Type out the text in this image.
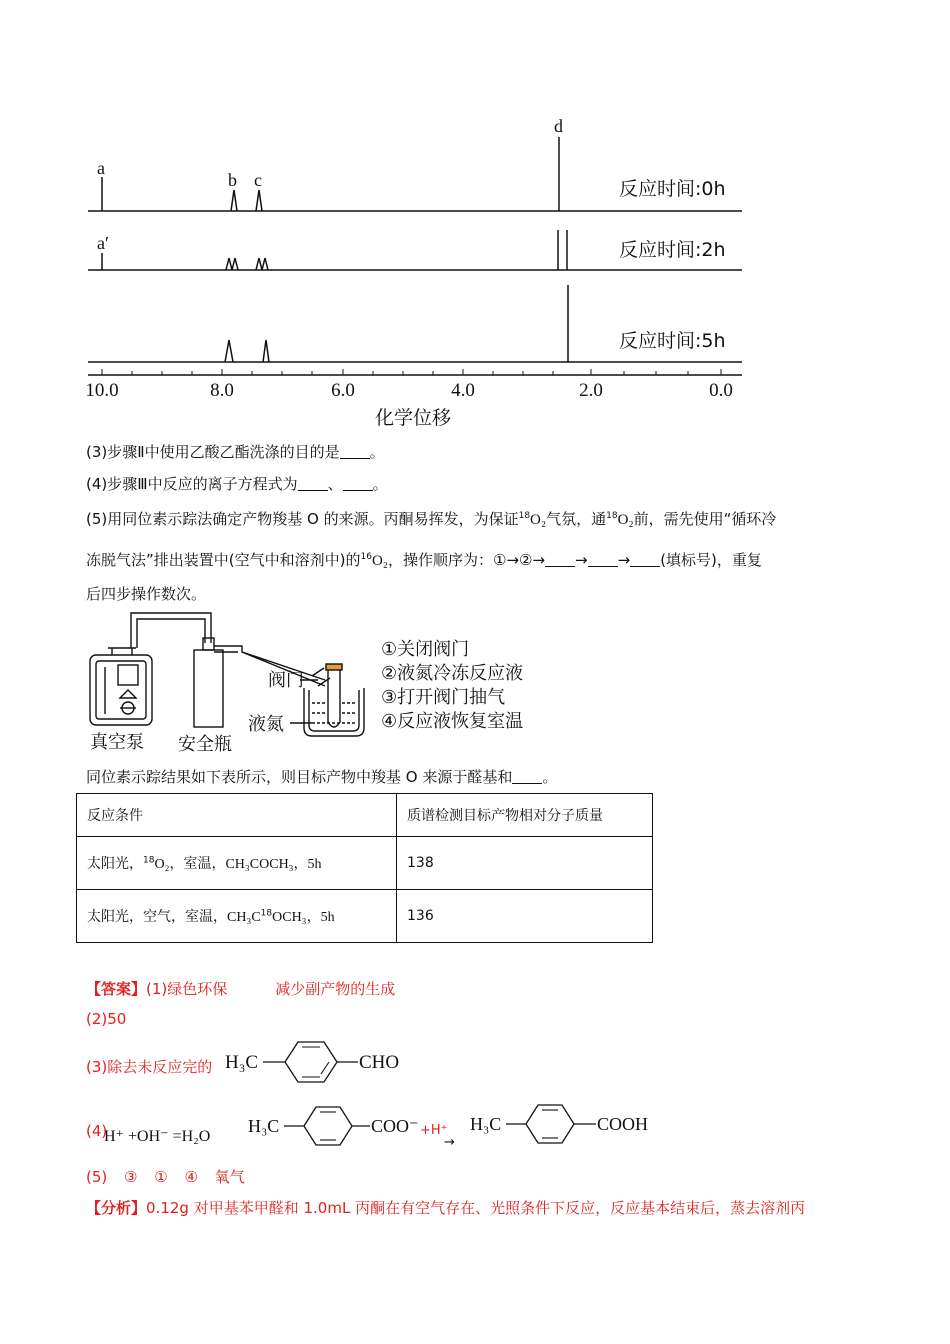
a
b c
d
a′
反应时间:0h
反应时间:2h
反应时间:5h
10.0	8.0	6.0	4.0	2.0	0.0
化学位移
(3)步骤Ⅱ中使用乙酸乙酯洗涤的目的是 。
(4)步骤Ⅲ中反应的离子方程式为 、 。
(5)用同位素示踪法确定产物羧基 O 的来源。丙酮易挥发，为保证$^{18}$O₂气氛，通$^{18}$O₂前，需先使用“循环冷
冻脱气法”排出装置中(空气中和溶剂中)的$^{16}$O₂，操作顺序为：①→②→ → → (填标号)，重复
后四步操作数次。
真空泵 安全瓶
阀门
液氮
①关闭阀门
②液氮冷冻反应液
③打开阀门抽气
④反应液恢复室温
同位素示踪结果如下表所示，则目标产物中羧基 O 来源于醛基和 。
反应条件	质谱检测目标产物相对分子质量
太阳光，$^{18}$O₂，室温，CH₃COCH₃，5h	138
太阳光，空气，室温，$CH_3C^{18}OCH_3$，5h	136
【答案】(1)绿色环保	减少副产物的生成
(2)50
(3)除去未反应完的 H₃C	CHO
(4)
H⁺ +OH⁻ =H₂O
H₃C	COO⁻ +H⁺
→
H₃C	COOH
(5) ③ ① ④ 氧气
【分析】0.12g 对甲基苯甲醛和 1.0mL 丙酮在有空气存在、光照条件下反应，反应基本结束后，蒸去溶剂丙
